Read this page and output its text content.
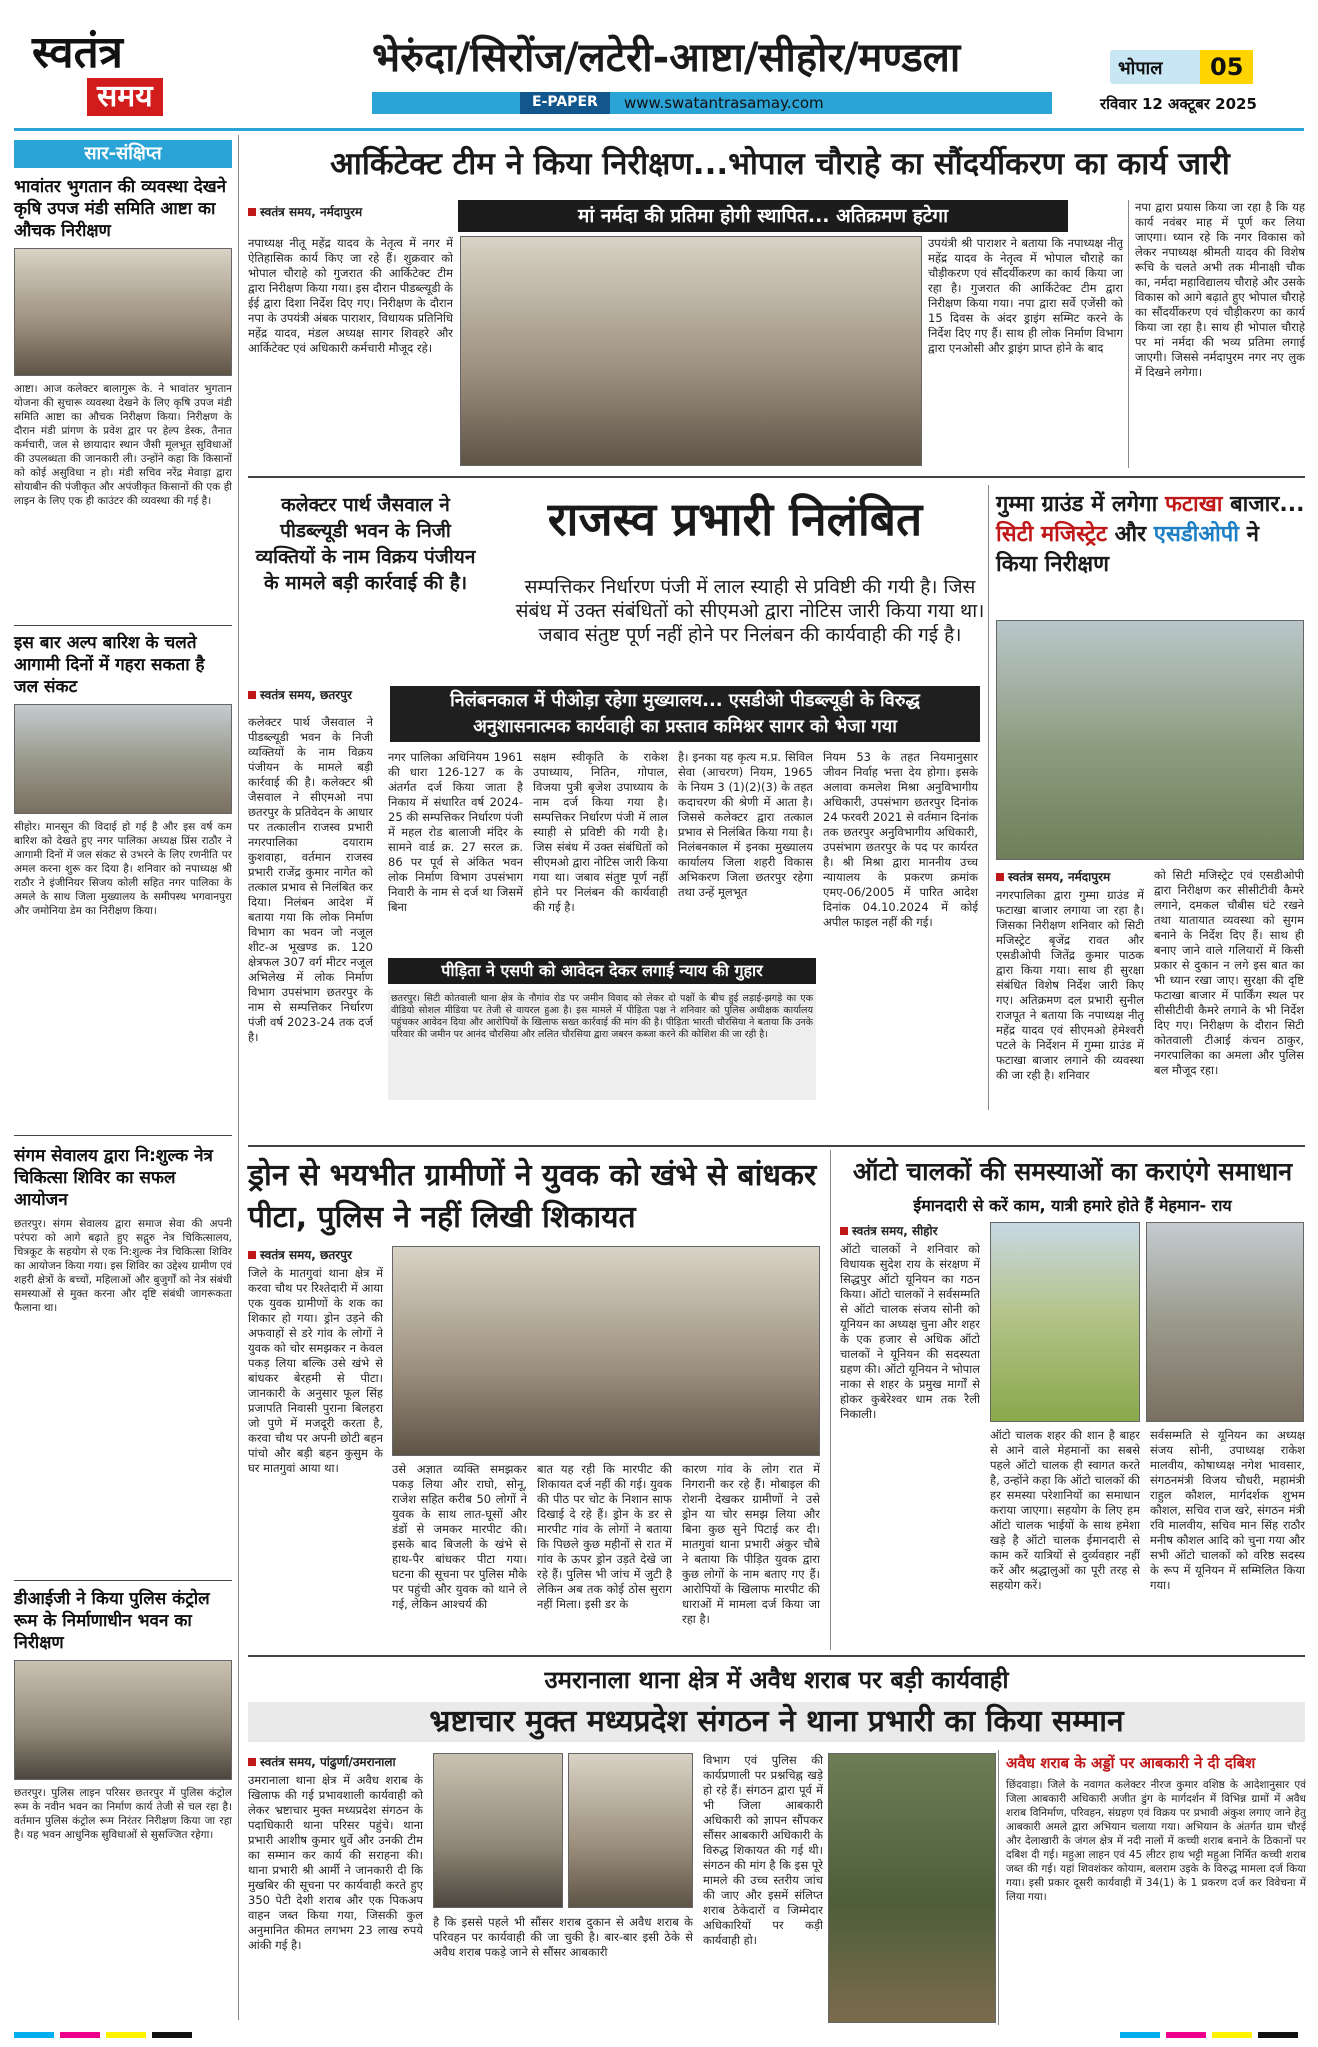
स्वतंत्र
समय
भेरुंदा/सिरोंज/लटेरी-आष्टा/सीहोर/मण्डला
E-PAPER	www.swatantrasamay.com
भोपाल	05
रविवार 12 अक्टूबर 2025
सार-संक्षिप्त
भावांतर भुगतान की व्यवस्था देखने कृषि उपज मंडी समिति आष्टा का औचक निरीक्षण
आष्टा। आज कलेक्टर बालागुरू के. ने भावांतर भुगतान योजना की सुचारू व्यवस्था देखने के लिए कृषि उपज मंडी समिति आष्टा का औचक निरीक्षण किया। निरीक्षण के दौरान मंडी प्रांगण के प्रवेश द्वार पर हेल्प डेस्क, तैनात कर्मचारी, जल से छायादार स्थान जैसी मूलभूत सुविधाओं की उपलब्धता की जानकारी ली। उन्होंने कहा कि किसानों को कोई असुविधा न हो। मंडी सचिव नरेंद्र मेवाड़ा द्वारा सोयाबीन की पंजीकृत और अपंजीकृत किसानों की एक ही लाइन के लिए एक ही काउंटर की व्यवस्था की गई है।
इस बार अल्प बारिश के चलते आगामी दिनों में गहरा सकता है जल संकट
सीहोर। मानसून की विदाई हो गई है और इस वर्ष कम बारिश को देखते हुए नगर पालिका अध्यक्ष प्रिंस राठौर ने आगामी दिनों में जल संकट से उभरने के लिए रणनीति पर अमल करना शुरू कर दिया है। शनिवार को नपाध्यक्ष श्री राठौर ने इंजीनियर सिजय कोली सहित नगर पालिका के अमले के साथ जिला मुख्यालय के समीपस्थ भगवानपुरा और जमोनिया डेम का निरीक्षण किया।
संगम सेवालय द्वारा नि:शुल्क नेत्र चिकित्सा शिविर का सफल आयोजन
छतरपुर। संगम सेवालय द्वारा समाज सेवा की अपनी परंपरा को आगे बढ़ाते हुए सद्गुरु नेत्र चिकित्सालय, चित्रकूट के सहयोग से एक नि:शुल्क नेत्र चिकित्सा शिविर का आयोजन किया गया। इस शिविर का उद्देश्य ग्रामीण एवं शहरी क्षेत्रों के बच्चों, महिलाओं और बुजुर्गों को नेत्र संबंधी समस्याओं से मुक्त करना और दृष्टि संबंधी जागरूकता फैलाना था।
डीआईजी ने किया पुलिस कंट्रोल रूम के निर्माणाधीन भवन का निरीक्षण
छतरपुर। पुलिस लाइन परिसर छतरपुर में पुलिस कंट्रोल रूम के नवीन भवन का निर्माण कार्य तेजी से चल रहा है। वर्तमान पुलिस कंट्रोल रूम निरंतर निरीक्षण किया जा रहा है। यह भवन आधुनिक सुविधाओं से सुसज्जित रहेगा।
आर्किटेक्ट टीम ने किया निरीक्षण...भोपाल चौराहे का सौंदर्यीकरण का कार्य जारी
स्वतंत्र समय, नर्मदापुरम	मां नर्मदा की प्रतिमा होगी स्थापित... अतिक्रमण हटेगा
नपाध्यक्ष नीतू महेंद्र यादव के नेतृत्व में नगर में ऐतिहासिक कार्य किए जा रहे हैं। शुक्रवार को भोपाल चौराहे को गुजरात की आर्किटेक्ट टीम द्वारा निरीक्षण किया गया। इस दौरान पीडब्ल्यूडी के ईई द्वारा दिशा निर्देश दिए गए। निरीक्षण के दौरान नपा के उपयंत्री अंबक पाराशर, विधायक प्रतिनिधि महेंद्र यादव, मंडल अध्यक्ष सागर शिवहरे और आर्किटेक्ट एवं अधिकारी कर्मचारी मौजूद रहे।
उपयंत्री श्री पाराशर ने बताया कि नपाध्यक्ष नीतू महेंद्र यादव के नेतृत्व में भोपाल चौराहे का चौड़ीकरण एवं सौंदर्यीकरण का कार्य किया जा रहा है। गुजरात की आर्किटेक्ट टीम द्वारा निरीक्षण किया गया। नपा द्वारा सर्वे एजेंसी को 15 दिवस के अंदर ड्राइंग सम्मिट करने के निर्देश दिए गए हैं। साथ ही लोक निर्माण विभाग द्वारा एनओसी और ड्राइंग प्राप्त होने के बाद
नपा द्वारा प्रयास किया जा रहा है कि यह कार्य नवंबर माह में पूर्ण कर लिया जाएगा। ध्यान रहे कि नगर विकास को लेकर नपाध्यक्ष श्रीमती यादव की विशेष रूचि के चलते अभी तक मीनाक्षी चौक का, नर्मदा महाविद्यालय चौराहे और उसके विकास को आगे बढ़ाते हुए भोपाल चौराहे का सौंदर्यीकरण एवं चौड़ीकरण का कार्य किया जा रहा है। साथ ही भोपाल चौराहे पर मां नर्मदा की भव्य प्रतिमा लगाई जाएगी। जिससे नर्मदापुरम नगर नए लुक में दिखने लगेगा।
कलेक्टर पार्थ जैसवाल ने पीडब्ल्यूडी भवन के निजी व्यक्तियों के नाम विक्रय पंजीयन के मामले बड़ी कार्रवाई की है।
राजस्व प्रभारी निलंबित
सम्पत्तिकर निर्धारण पंजी में लाल स्याही से प्रविष्टी की गयी है। जिस संबंध में उक्त संबंधितों को सीएमओ द्वारा नोटिस जारी किया गया था। जबाव संतुष्ट पूर्ण नहीं होने पर निलंबन की कार्यवाही की गई है।
निलंबनकाल में पीओड़ा रहेगा मुख्यालय... एसडीओ पीडब्ल्यूडी के विरुद्ध अनुशासनात्मक कार्यवाही का प्रस्ताव कमिश्नर सागर को भेजा गया
स्वतंत्र समय, छतरपुर
कलेक्टर पार्थ जैसवाल ने पीडब्ल्यूडी भवन के निजी व्यक्तियों के नाम विक्रय पंजीयन के मामले बड़ी कार्रवाई की है। कलेक्टर श्री जैसवाल ने सीएमओ नपा छतरपुर के प्रतिवेदन के आधार पर तत्कालीन राजस्व प्रभारी नगरपालिका दयाराम कुशवाहा, वर्तमान राजस्व प्रभारी राजेंद्र कुमार नागेत को तत्काल प्रभाव से निलंबित कर दिया। निलंबन आदेश में बताया गया कि लोक निर्माण विभाग का भवन जो नजूल शीट-अ भूखण्ड क्र. 120 क्षेत्रफल 307 वर्ग मीटर नजूल अभिलेख में लोक निर्माण विभाग उपसंभाग छतरपुर के नाम से सम्पत्तिकर निर्धारण पंजी वर्ष 2023-24 तक दर्ज है।
नगर पालिका अधिनियम 1961 की धारा 126-127 क के अंतर्गत दर्ज किया जाता है निकाय में संधारित वर्ष 2024-25 की सम्पत्तिकर निर्धारण पंजी में महल रोड बालाजी मंदिर के सामने वार्ड क्र. 27 सरल क्र. 86 पर पूर्व से अंकित भवन लोक निर्माण विभाग उपसंभाग निवारी के नाम से दर्ज था जिसमें बिना
सक्षम स्वीकृति के राकेश उपाध्याय, नितिन, गोपाल, विजया पुत्री बृजेश उपाध्याय के नाम दर्ज किया गया है। सम्पत्तिकर निर्धारण पंजी में लाल स्याही से प्रविष्टी की गयी है। जिस संबंध में उक्त संबंधितों को सीएमओ द्वारा नोटिस जारी किया गया था। जबाव संतुष्ट पूर्ण नहीं होने पर निलंबन की कार्यवाही की गई है।
है। इनका यह कृत्य म.प्र. सिविल सेवा (आचरण) नियम, 1965 के नियम 3 (1)(2)(3) के तहत कदाचरण की श्रेणी में आता है। जिससे कलेक्टर द्वारा तत्काल प्रभाव से निलंबित किया गया है। निलंबनकाल में इनका मुख्यालय कार्यालय जिला शहरी विकास अभिकरण जिला छतरपुर रहेगा तथा उन्हें मूलभूत
नियम 53 के तहत नियमानुसार जीवन निर्वाह भत्ता देय होगा। इसके अलावा कमलेश मिश्रा अनुविभागीय अधिकारी, उपसंभाग छतरपुर दिनांक 24 फरवरी 2021 से वर्तमान दिनांक तक छतरपुर अनुविभागीय अधिकारी, उपसंभाग छतरपुर के पद पर कार्यरत है। श्री मिश्रा द्वारा माननीय उच्च न्यायालय के प्रकरण क्रमांक एमए-06/2005 में पारित आदेश दिनांक 04.10.2024 में कोई अपील फाइल नहीं की गई।
पीड़िता ने एसपी को आवेदन देकर लगाई न्याय की गुहार
छतरपुर। सिटी कोतवाली थाना क्षेत्र के नौगांव रोड पर जमीन विवाद को लेकर दो पक्षों के बीच हुई लड़ाई-झगड़े का एक वीडियो सोशल मीडिया पर तेजी से वायरल हुआ है। इस मामले में पीड़िता पक्ष ने शनिवार को पुलिस अधीक्षक कार्यालय पहुंचकर आवेदन दिया और आरोपियों के खिलाफ सख्त कार्रवाई की मांग की है। पीड़िता भारती चौरसिया ने बताया कि उनके परिवार की जमीन पर आनंद चौरसिया और ललित चौरसिया द्वारा जबरन कब्जा करने की कोशिश की जा रही है।
गुम्मा ग्राउंड में लगेगा फटाखा बाजार... सिटी मजिस्ट्रेट और एसडीओपी ने किया निरीक्षण
स्वतंत्र समय, नर्मदापुरम
नगरपालिका द्वारा गुम्मा ग्राउंड में फटाखा बाजार लगाया जा रहा है। जिसका निरीक्षण शनिवार को सिटी मजिस्ट्रेट बृजेंद्र रावत और एसडीओपी जितेंद्र कुमार पाठक द्वारा किया गया। साथ ही सुरक्षा संबंधित विशेष निर्देश जारी किए गए। अतिक्रमण दल प्रभारी सुनील राजपूत ने बताया कि नपाध्यक्ष नीतू महेंद्र यादव एवं सीएमओ हेमेश्वरी पटले के निर्देशन में गुम्मा ग्राउंड में फटाखा बाजार लगाने की व्यवस्था की जा रही है। शनिवार
को सिटी मजिस्ट्रेट एवं एसडीओपी द्वारा निरीक्षण कर सीसीटीवी कैमरे लगाने, दमकल चौबीस घंटे रखने तथा यातायात व्यवस्था को सुगम बनाने के निर्देश दिए हैं। साथ ही बनाए जाने वाले गलियारों में किसी प्रकार से दुकान न लगे इस बात का भी ध्यान रखा जाए। सुरक्षा की दृष्टि फटाखा बाजार में पार्किंग स्थल पर सीसीटीवी कैमरे लगाने के भी निर्देश दिए गए। निरीक्षण के दौरान सिटी कोतवाली टीआई कंचन ठाकुर, नगरपालिका का अमला और पुलिस बल मौजूद रहा।
ड्रोन से भयभीत ग्रामीणों ने युवक को खंभे से बांधकर पीटा, पुलिस ने नहीं लिखी शिकायत
स्वतंत्र समय, छतरपुर
जिले के मातगुवां थाना क्षेत्र में करवा चौथ पर रिश्तेदारी में आया एक युवक ग्रामीणों के शक का शिकार हो गया। ड्रोन उड़ने की अफवाहों से डरे गांव के लोगों ने युवक को चोर समझकर न केवल पकड़ लिया बल्कि उसे खंभे से बांधकर बेरहमी से पीटा। जानकारी के अनुसार फूल सिंह प्रजापति निवासी पुराना बिलहरा जो पुणे में मजदूरी करता है, करवा चौथ पर अपनी छोटी बहन पांचो और बड़ी बहन कुसुम के घर मातगुवां आया था।	उसे अज्ञात व्यक्ति समझकर पकड़ लिया और राघो, सोनू, राजेश सहित करीब 50 लोगों ने युवक के साथ लात-घूसों और डंडों से जमकर मारपीट की। इसके बाद बिजली के खंभे से हाथ-पैर बांधकर पीटा गया। घटना की सूचना पर पुलिस मौके पर पहुंची और युवक को थाने ले गई, लेकिन आश्चर्य की
बात यह रही कि मारपीट की शिकायत दर्ज नहीं की गई। युवक की पीठ पर चोट के निशान साफ दिखाई दे रहे हैं। ड्रोन के डर से मारपीट गांव के लोगों ने बताया कि पिछले कुछ महीनों से रात में गांव के ऊपर ड्रोन उड़ते देखे जा रहे हैं। पुलिस भी जांच में जुटी है लेकिन अब तक कोई ठोस सुराग नहीं मिला। इसी डर के
कारण गांव के लोग रात में निगरानी कर रहे हैं। मोबाइल की रोशनी देखकर ग्रामीणों ने उसे ड्रोन या चोर समझ लिया और बिना कुछ सुने पिटाई कर दी। मातगुवां थाना प्रभारी अंकुर चौबे ने बताया कि पीड़ित युवक द्वारा कुछ लोगों के नाम बताए गए हैं। आरोपियों के खिलाफ मारपीट की धाराओं में मामला दर्ज किया जा रहा है।
ऑटो चालकों की समस्याओं का कराएंगे समाधान
ईमानदारी से करें काम, यात्री हमारे होते हैं मेहमान- राय
स्वतंत्र समय, सीहोर
ऑटो चालकों ने शनिवार को विधायक सुदेश राय के संरक्षण में सिद्धपुर ऑटो यूनियन का गठन किया। ऑटो चालकों ने सर्वसम्मति से ऑटो चालक संजय सोनी को यूनियन का अध्यक्ष चुना और शहर के एक हजार से अधिक ऑटो चालकों ने यूनियन की सदस्यता ग्रहण की। ऑटो यूनियन ने भोपाल नाका से शहर के प्रमुख मार्गों से होकर कुबेरेश्वर धाम तक रैली निकाली।
ऑटो चालक शहर की शान है बाहर से आने वाले मेहमानों का सबसे पहले ऑटो चालक ही स्वागत करते है, उन्होंने कहा कि ऑटो चालकों की हर समस्या परेशानियों का समाधान कराया जाएगा। सहयोग के लिए हम ऑटो चालक भाईयों के साथ हमेशा खड़े है ऑटो चालक ईमानदारी से काम करें यात्रियों से दुर्व्यवहार नहीं करें और श्रद्धालुओं का पूरी तरह से सहयोग करें।
सर्वसम्मति से यूनियन का अध्यक्ष संजय सोनी, उपाध्यक्ष राकेश मालवीय, कोषाध्यक्ष नगेश भावसार, संगठनमंत्री विजय चौधरी, महामंत्री राहुल कौशल, मार्गदर्शक शुभम कौशल, सचिव राज खरे, संगठन मंत्री रवि मालवीय, सचिव मान सिंह राठौर मनीष कौशल आदि को चुना गया और सभी ऑटो चालकों को वरिष्ठ सदस्य के रूप में यूनियन में सम्मिलित किया गया।
उमरानाला थाना क्षेत्र में अवैध शराब पर बड़ी कार्यवाही
भ्रष्टाचार मुक्त मध्यप्रदेश संगठन ने थाना प्रभारी का किया सम्मान
स्वतंत्र समय, पांढुर्णा/उमरानाला
उमरानाला थाना क्षेत्र में अवैध शराब के खिलाफ की गई प्रभावशाली कार्यवाही को लेकर भ्रष्टाचार मुक्त मध्यप्रदेश संगठन के पदाधिकारी थाना परिसर पहुंचे। थाना प्रभारी आशीष कुमार धुर्वे और उनकी टीम का सम्मान कर कार्य की सराहना की। थाना प्रभारी श्री आर्मी ने जानकारी दी कि मुखबिर की सूचना पर कार्यवाही करते हुए 350 पेटी देशी शराब और एक पिकअप वाहन जब्त किया गया, जिसकी कुल अनुमानित कीमत लगभग 23 लाख रुपये आंकी गई है।
है कि इससे पहले भी सौंसर शराब दुकान से अवैध शराब के परिवहन पर कार्यवाही की जा चुकी है। बार-बार इसी ठेके से अवैध शराब पकड़े जाने से सौंसर आबकारी
विभाग एवं पुलिस की कार्यप्रणाली पर प्रश्नचिह्न खड़े हो रहे हैं। संगठन द्वारा पूर्व में भी जिला आबकारी अधिकारी को ज्ञापन सौंपकर सौंसर आबकारी अधिकारी के विरुद्ध शिकायत की गई थी। संगठन की मांग है कि इस पूरे मामले की उच्च स्तरीय जांच की जाए और इसमें संलिप्त शराब ठेकेदारों व जिम्मेदार अधिकारियों पर कड़ी कार्यवाही हो।
अवैध शराब के अड्डों पर आबकारी ने दी दबिश
छिंदवाड़ा। जिले के नवागत कलेक्टर नीरज कुमार वशिष्ठ के आदेशानुसार एवं जिला आबकारी अधिकारी अजीत डुंग के मार्गदर्शन में विभिन्न ग्रामों में अवैध शराब विनिर्माण, परिवहन, संग्रहण एवं विक्रय पर प्रभावी अंकुश लगाए जाने हेतु आबकारी अमले द्वारा अभियान चलाया गया। अभियान के अंतर्गत ग्राम चौरई और देलाखारी के जंगल क्षेत्र में नदी नालों में कच्ची शराब बनाने के ठिकानों पर दबिश दी गई। महुआ लाहन एवं 45 लीटर हाथ भट्टी महुआ निर्मित कच्ची शराब जब्त की गई। यहां शिवशंकर कोयाम, बलराम उइके के विरुद्ध मामला दर्ज किया गया। इसी प्रकार दूसरी कार्यवाही में 34(1) के 1 प्रकरण दर्ज कर विवेचना में लिया गया।
